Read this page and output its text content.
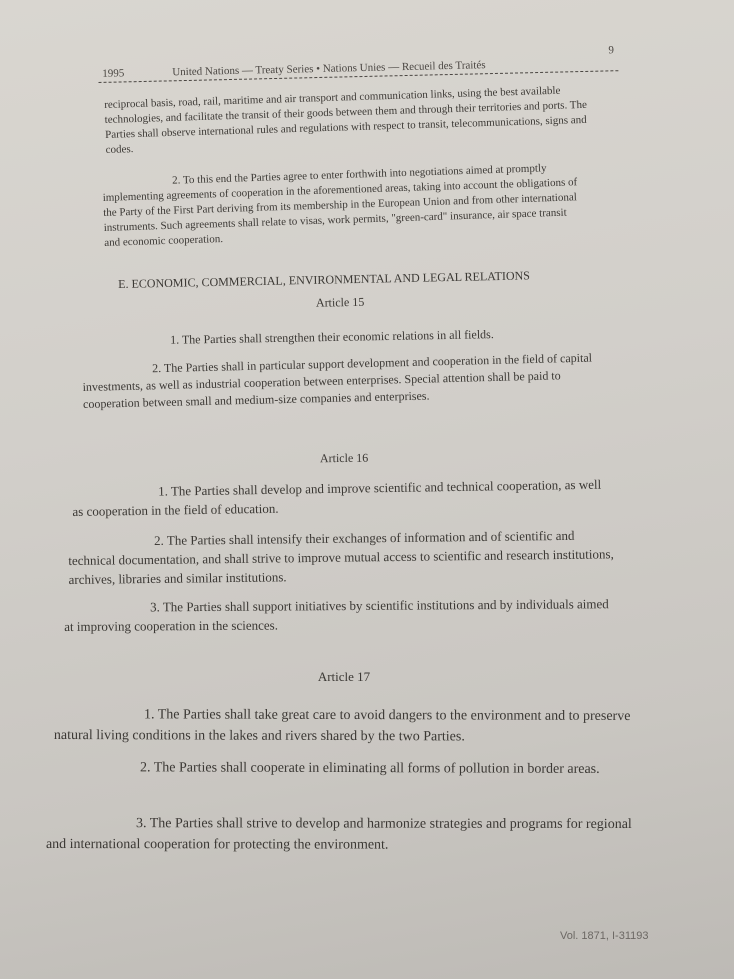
1995	United Nations — Treaty Series • Nations Unies — Recueil des Traités
9

reciprocal basis, road, rail, maritime and air transport and communication links, using the best available technologies, and facilitate the transit of their goods between them and through their territories and ports. The Parties shall observe international rules and regulations with respect to transit, telecommunications, signs and codes.

2. To this end the Parties agree to enter forthwith into negotiations aimed at promptly implementing agreements of cooperation in the aforementioned areas, taking into account the obligations of the Party of the First Part deriving from its membership in the European Union and from other international instruments. Such agreements shall relate to visas, work permits, "green-card" insurance, air space transit and economic cooperation.

E. ECONOMIC, COMMERCIAL, ENVIRONMENTAL AND LEGAL RELATIONS

Article 15

1. The Parties shall strengthen their economic relations in all fields.

2. The Parties shall in particular support development and cooperation in the field of capital investments, as well as industrial cooperation between enterprises. Special attention shall be paid to cooperation between small and medium-size companies and enterprises.

Article 16

1. The Parties shall develop and improve scientific and technical cooperation, as well as cooperation in the field of education.

2. The Parties shall intensify their exchanges of information and of scientific and technical documentation, and shall strive to improve mutual access to scientific and research institutions, archives, libraries and similar institutions.

3. The Parties shall support initiatives by scientific institutions and by individuals aimed at improving cooperation in the sciences.

Article 17

1. The Parties shall take great care to avoid dangers to the environment and to preserve natural living conditions in the lakes and rivers shared by the two Parties.

2. The Parties shall cooperate in eliminating all forms of pollution in border areas.

3. The Parties shall strive to develop and harmonize strategies and programs for regional and international cooperation for protecting the environment.

Vol. 1871, I-31193
